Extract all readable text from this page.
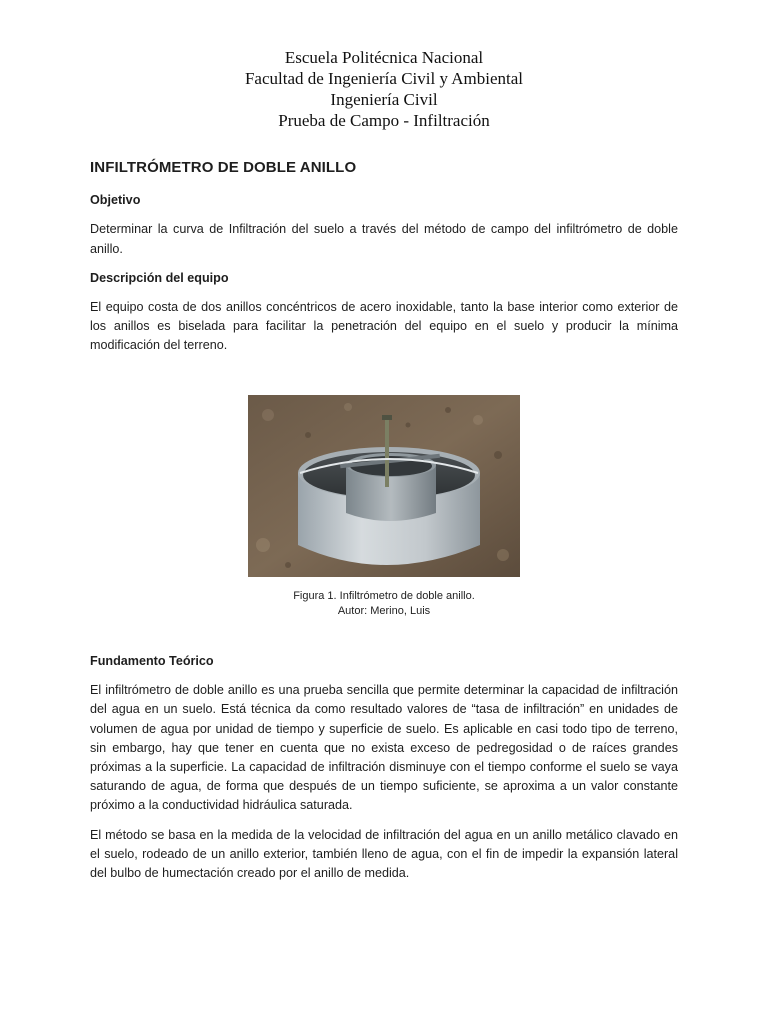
Escuela Politécnica Nacional
Facultad de Ingeniería Civil y Ambiental
Ingeniería Civil
Prueba de Campo - Infiltración
INFILTRÓMETRO DE DOBLE ANILLO
Objetivo

Determinar la curva de Infiltración del suelo a través del método de campo del infiltrómetro de doble anillo.

Descripción del equipo

El equipo costa de dos anillos concéntricos de acero inoxidable, tanto la base interior como exterior de los anillos es biselada para facilitar la penetración del equipo en el suelo y producir la mínima modificación del terreno.

Figura 1. Infiltrómetro de doble anillo.
Autor: Merino, Luis
Fundamento Teórico

El infiltrómetro de doble anillo es una prueba sencilla que permite determinar la capacidad de infiltración del agua en un suelo. Está técnica da como resultado valores de “tasa de infiltración” en unidades de volumen de agua por unidad de tiempo y superficie de suelo. Es aplicable en casi todo tipo de terreno, sin embargo, hay que tener en cuenta que no exista exceso de pedregosidad o de raíces grandes próximas a la superficie. La capacidad de infiltración disminuye con el tiempo conforme el suelo se vaya saturando de agua, de forma que después de un tiempo suficiente, se aproxima a un valor constante próximo a la conductividad hidráulica saturada.

El método se basa en la medida de la velocidad de infiltración del agua en un anillo metálico clavado en el suelo, rodeado de un anillo exterior, también lleno de agua, con el fin de impedir la expansión lateral del bulbo de humectación creado por el anillo de medida.
